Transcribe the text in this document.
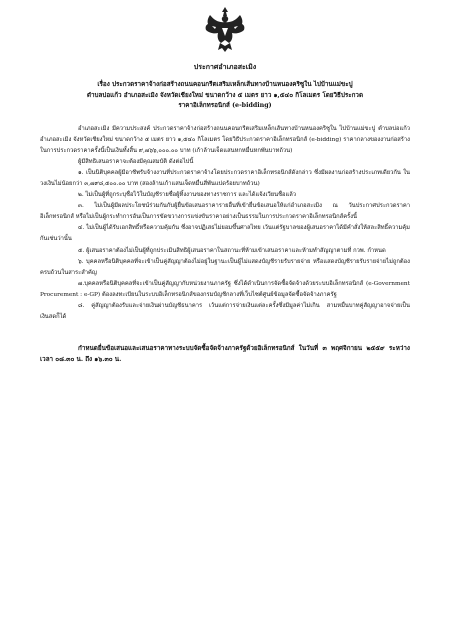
ประกาศอำเภอสะเมิง
เรื่อง ประกวดราคาจ้างก่อสร้างถนนคอนกรีตเสริมเหล็กเส้นทางบ้านหนองคริซูใน ไปบ้านแม่ขะปู
ตำบลบ่อแก้ว อำเภอสะเมิง จังหวัดเชียงใหม่ ขนาดกว้าง ๕ เมตร ยาว ๑,๕๔๐ กิโลเมตร โดยวิธีประกวด
ราคาอิเล็กทรอนิกส์ (e-bidding)

อำเภอสะเมิง มีความประสงค์ ประกวดราคาจ้างก่อสร้างถนนคอนกรีตเสริมเหล็กเส้นทางบ้านหนองคริซูใน ไปบ้านแม่ขะปู ตำบลบ่อแก้ว อำเภอสะเมิง จังหวัดเชียงใหม่ ขนาดกว้าง ๕ เมตร ยาว ๑,๕๔๐ กิโลเมตร โดยวิธีประกวดราคาอิเล็กทรอนิกส์ (e-bidding) ราคากลางของงานก่อสร้างในการประกวดราคาครั้งนี้เป็นเงินทั้งสิ้น ๙,๗๖๖,๐๐๐.๐๐ บาท (เก้าล้านเจ็ดแสนหกหมื่นหกพันบาทถ้วน)

ผู้มีสิทธิเสนอราคาจะต้องมีคุณสมบัติ ดังต่อไปนี้

๑. เป็นนิติบุคคลผู้มีอาชีพรับจ้างงานที่ประกวดราคาจ้างโดยประกวดราคาอิเล็กทรอนิกส์ดังกล่าว ซึ่งมีผลงานก่อสร้างประเภทเดียวกัน ในวงเงินไม่น้อยกว่า ๓,๗๙๘,๕๐๐.๐๐ บาท (สองล้านเก้าแสนเจ็ดหมื่นสี่พันแปดร้อยบาทถ้วน)

๒. ไม่เป็นผู้ที่ถูกระบุชื่อไว้ในบัญชีรายชื่อผู้ทิ้งงานของทางราชการ และได้แจ้งเวียนชื่อแล้ว

๓. ไม่เป็นผู้มีผลประโยชน์ร่วมกันกับผู้ยื่นข้อเสนอราคารายอื่นที่เข้ายื่นข้อเสนอให้แก่อำเภอสะเมิง ณ วันประกาศประกวดราคาอิเล็กทรอนิกส์ หรือไม่เป็นผู้กระทำการอันเป็นการขัดขวางการแข่งขันราคาอย่างเป็นธรรมในการประกวดราคาอิเล็กทรอนิกส์ครั้งนี้

๔. ไม่เป็นผู้ได้รับเอกสิทธิ์หรือความคุ้มกัน ซึ่งอาจปฏิเสธไม่ยอมขึ้นศาลไทย เว้นแต่รัฐบาลของผู้เสนอราคาได้มีคำสั่งให้สละสิทธิ์ความคุ้มกันเช่นว่านั้น

๕. ผู้เสนอราคาต้องไม่เป็นผู้ที่ถูกประเมินสิทธิผู้เสนอราคาในสถานะที่ห้ามเข้าเสนอราคาและห้ามทำสัญญาตามที่ กวพ. กำหนด

๖. บุคคลหรือนิติบุคคลที่จะเข้าเป็นคู่สัญญาต้องไม่อยู่ในฐานะเป็นผู้ไม่แสดงบัญชีรายรับรายจ่าย หรือแสดงบัญชีรายรับรายจ่ายไม่ถูกต้องครบถ้วนในสาระสำคัญ

๗.บุคคลหรือนิติบุคคลที่จะเข้าเป็นคู่สัญญากับหน่วยงานภาครัฐ ซึ่งได้ดำเนินการจัดซื้อจัดจ้างด้วยระบบอิเล็กทรอนิกส์ (e-Government Procurement : e-GP) ต้องลงทะเบียนในระบบอิเล็กทรอนิกส์ของกรมบัญชีกลางที่เว็บไซต์ศูนย์ข้อมูลจัดซื้อจัดจ้างภาครัฐ

๘. คู่สัญญาต้องรับและจ่ายเงินผ่านบัญชีธนาคาร เว้นแต่การจ่ายเงินแต่ละครั้งซึ่งมีมูลค่าไม่เกิน สามหมื่นบาทคู่สัญญาอาจจ่ายเป็นเงินสดก็ได้

กำหนดยื่นข้อเสนอและเสนอราคาทางระบบจัดซื้อจัดจ้างภาครัฐด้วยอิเล็กทรอนิกส์ ในวันที่ ๓ พฤศจิกายน ๒๕๕๙ ระหว่างเวลา ๐๘.๓๐ น. ถึง ๑๖.๓๐ น.
